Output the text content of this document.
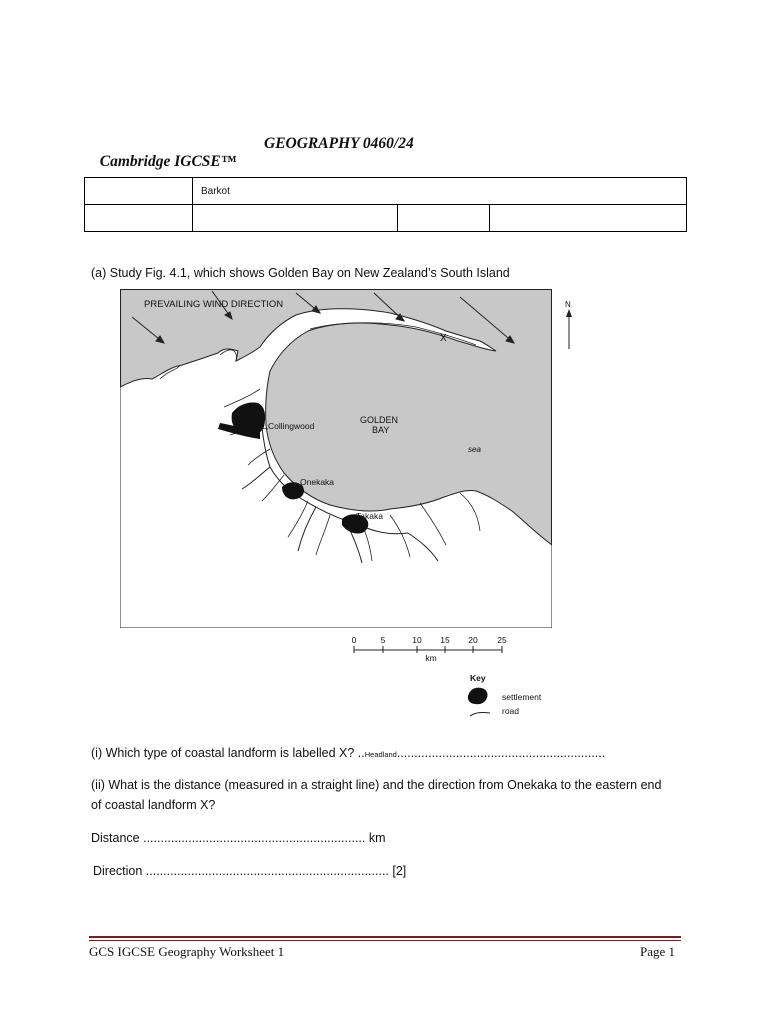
Cambridge IGCSE™

GEOGRAPHY 0460/24

	Barkot		

(a) Study Fig. 4.1, which shows Golden Bay on New Zealand’s South Island
PREVAILING WIND DIRECTION
X
GOLDEN
BAY
sea
Collingwood
Onekaka
Takaka
N
0	5	10 15 20 25
km
Key
settlement
road
(i) Which type of coastal landform is labelled X? ..Headland............................................................
(ii) What is the distance (measured in a straight line) and the direction from Onekaka to the eastern end
of coastal landform X?
Distance ................................................................ km
Direction ...................................................................... [2]
GCS IGCSE Geography Worksheet 1	Page 1
